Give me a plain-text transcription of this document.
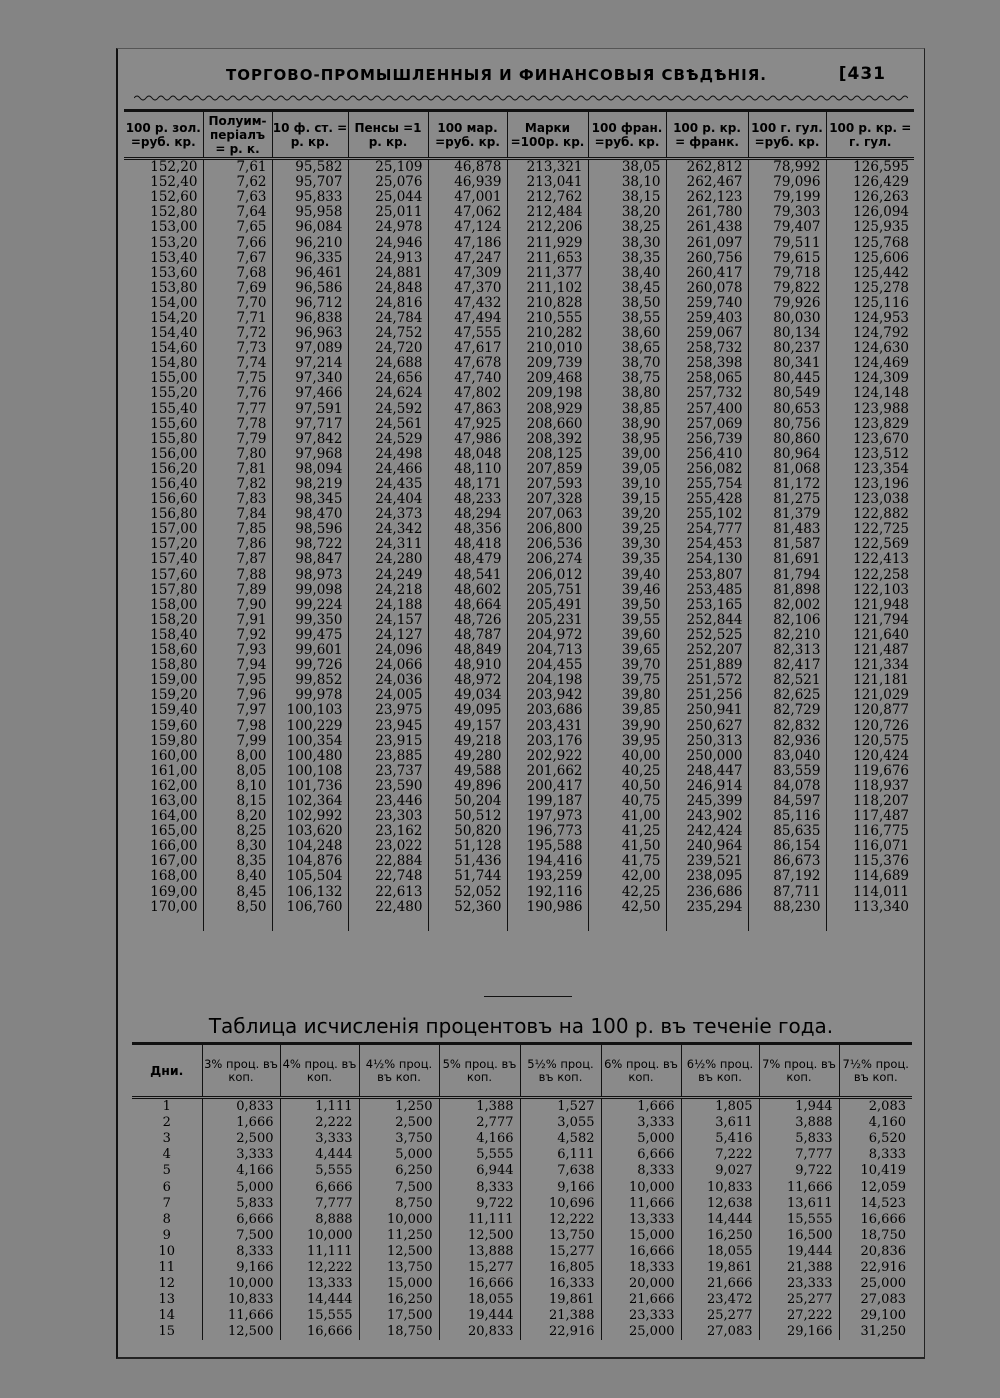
ТОРГОВО-ПРОМЫШЛЕННЫЯ И ФИНАНСОВЫЯ СВѢДѢНІЯ.	[431
100 р. зол. =руб. кр.	Полуим- періалъ = р. к.	10 ф. ст. = р. кр.	Пенсы =1 р. кр.	100 мар. =руб. кр.	Марки =100р. кр.	100 фран. =руб. кр.	100 р. кр. = франк.	100 г. гул. =руб. кр.	100 р. кр. = г. гул.
152,20	7,61	95,582	25,109	46,878	213,321	38,05	262,812	78,992	126,595
152,40	7,62	95,707	25,076	46,939	213,041	38,10	262,467	79,096	126,429
152,60	7,63	95,833	25,044	47,001	212,762	38,15	262,123	79,199	126,263
152,80	7,64	95,958	25,011	47,062	212,484	38,20	261,780	79,303	126,094
153,00	7,65	96,084	24,978	47,124	212,206	38,25	261,438	79,407	125,935
153,20	7,66	96,210	24,946	47,186	211,929	38,30	261,097	79,511	125,768
153,40	7,67	96,335	24,913	47,247	211,653	38,35	260,756	79,615	125,606
153,60	7,68	96,461	24,881	47,309	211,377	38,40	260,417	79,718	125,442
153,80	7,69	96,586	24,848	47,370	211,102	38,45	260,078	79,822	125,278
154,00	7,70	96,712	24,816	47,432	210,828	38,50	259,740	79,926	125,116
154,20	7,71	96,838	24,784	47,494	210,555	38,55	259,403	80,030	124,953
154,40	7,72	96,963	24,752	47,555	210,282	38,60	259,067	80,134	124,792
154,60	7,73	97,089	24,720	47,617	210,010	38,65	258,732	80,237	124,630
154,80	7,74	97,214	24,688	47,678	209,739	38,70	258,398	80,341	124,469
155,00	7,75	97,340	24,656	47,740	209,468	38,75	258,065	80,445	124,309
155,20	7,76	97,466	24,624	47,802	209,198	38,80	257,732	80,549	124,148
155,40	7,77	97,591	24,592	47,863	208,929	38,85	257,400	80,653	123,988
155,60	7,78	97,717	24,561	47,925	208,660	38,90	257,069	80,756	123,829
155,80	7,79	97,842	24,529	47,986	208,392	38,95	256,739	80,860	123,670
156,00	7,80	97,968	24,498	48,048	208,125	39,00	256,410	80,964	123,512
156,20	7,81	98,094	24,466	48,110	207,859	39,05	256,082	81,068	123,354
156,40	7,82	98,219	24,435	48,171	207,593	39,10	255,754	81,172	123,196
156,60	7,83	98,345	24,404	48,233	207,328	39,15	255,428	81,275	123,038
156,80	7,84	98,470	24,373	48,294	207,063	39,20	255,102	81,379	122,882
157,00	7,85	98,596	24,342	48,356	206,800	39,25	254,777	81,483	122,725
157,20	7,86	98,722	24,311	48,418	206,536	39,30	254,453	81,587	122,569
157,40	7,87	98,847	24,280	48,479	206,274	39,35	254,130	81,691	122,413
157,60	7,88	98,973	24,249	48,541	206,012	39,40	253,807	81,794	122,258
157,80	7,89	99,098	24,218	48,602	205,751	39,46	253,485	81,898	122,103
158,00	7,90	99,224	24,188	48,664	205,491	39,50	253,165	82,002	121,948
158,20	7,91	99,350	24,157	48,726	205,231	39,55	252,844	82,106	121,794
158,40	7,92	99,475	24,127	48,787	204,972	39,60	252,525	82,210	121,640
158,60	7,93	99,601	24,096	48,849	204,713	39,65	252,207	82,313	121,487
158,80	7,94	99,726	24,066	48,910	204,455	39,70	251,889	82,417	121,334
159,00	7,95	99,852	24,036	48,972	204,198	39,75	251,572	82,521	121,181
159,20	7,96	99,978	24,005	49,034	203,942	39,80	251,256	82,625	121,029
159,40	7,97	100,103	23,975	49,095	203,686	39,85	250,941	82,729	120,877
159,60	7,98	100,229	23,945	49,157	203,431	39,90	250,627	82,832	120,726
159,80	7,99	100,354	23,915	49,218	203,176	39,95	250,313	82,936	120,575
160,00	8,00	100,480	23,885	49,280	202,922	40,00	250,000	83,040	120,424
161,00	8,05	100,108	23,737	49,588	201,662	40,25	248,447	83,559	119,676
162,00	8,10	101,736	23,590	49,896	200,417	40,50	246,914	84,078	118,937
163,00	8,15	102,364	23,446	50,204	199,187	40,75	245,399	84,597	118,207
164,00	8,20	102,992	23,303	50,512	197,973	41,00	243,902	85,116	117,487
165,00	8,25	103,620	23,162	50,820	196,773	41,25	242,424	85,635	116,775
166,00	8,30	104,248	23,022	51,128	195,588	41,50	240,964	86,154	116,071
167,00	8,35	104,876	22,884	51,436	194,416	41,75	239,521	86,673	115,376
168,00	8,40	105,504	22,748	51,744	193,259	42,00	238,095	87,192	114,689
169,00	8,45	106,132	22,613	52,052	192,116	42,25	236,686	87,711	114,011
170,00	8,50	106,760	22,480	52,360	190,986	42,50	235,294	88,230	113,340
Таблица исчисленія процентовъ на 100 р. въ теченіе года.
Дни.	3% проц. въ коп.	4% проц. въ коп.	4½% проц. въ коп.	5% проц. въ коп.	5½% проц. въ коп.	6% проц. въ коп.	6½% проц. въ коп.	7% проц. въ коп.	7½% проц. въ коп.
1	0,833	1,111	1,250	1,388	1,527	1,666	1,805	1,944	2,083
2	1,666	2,222	2,500	2,777	3,055	3,333	3,611	3,888	4,160
3	2,500	3,333	3,750	4,166	4,582	5,000	5,416	5,833	6,520
4	3,333	4,444	5,000	5,555	6,111	6,666	7,222	7,777	8,333
5	4,166	5,555	6,250	6,944	7,638	8,333	9,027	9,722	10,419
6	5,000	6,666	7,500	8,333	9,166	10,000	10,833	11,666	12,059
7	5,833	7,777	8,750	9,722	10,696	11,666	12,638	13,611	14,523
8	6,666	8,888	10,000	11,111	12,222	13,333	14,444	15,555	16,666
9	7,500	10,000	11,250	12,500	13,750	15,000	16,250	16,500	18,750
10	8,333	11,111	12,500	13,888	15,277	16,666	18,055	19,444	20,836
11	9,166	12,222	13,750	15,277	16,805	18,333	19,861	21,388	22,916
12	10,000	13,333	15,000	16,666	16,333	20,000	21,666	23,333	25,000
13	10,833	14,444	16,250	18,055	19,861	21,666	23,472	25,277	27,083
14	11,666	15,555	17,500	19,444	21,388	23,333	25,277	27,222	29,100
15	12,500	16,666	18,750	20,833	22,916	25,000	27,083	29,166	31,250
